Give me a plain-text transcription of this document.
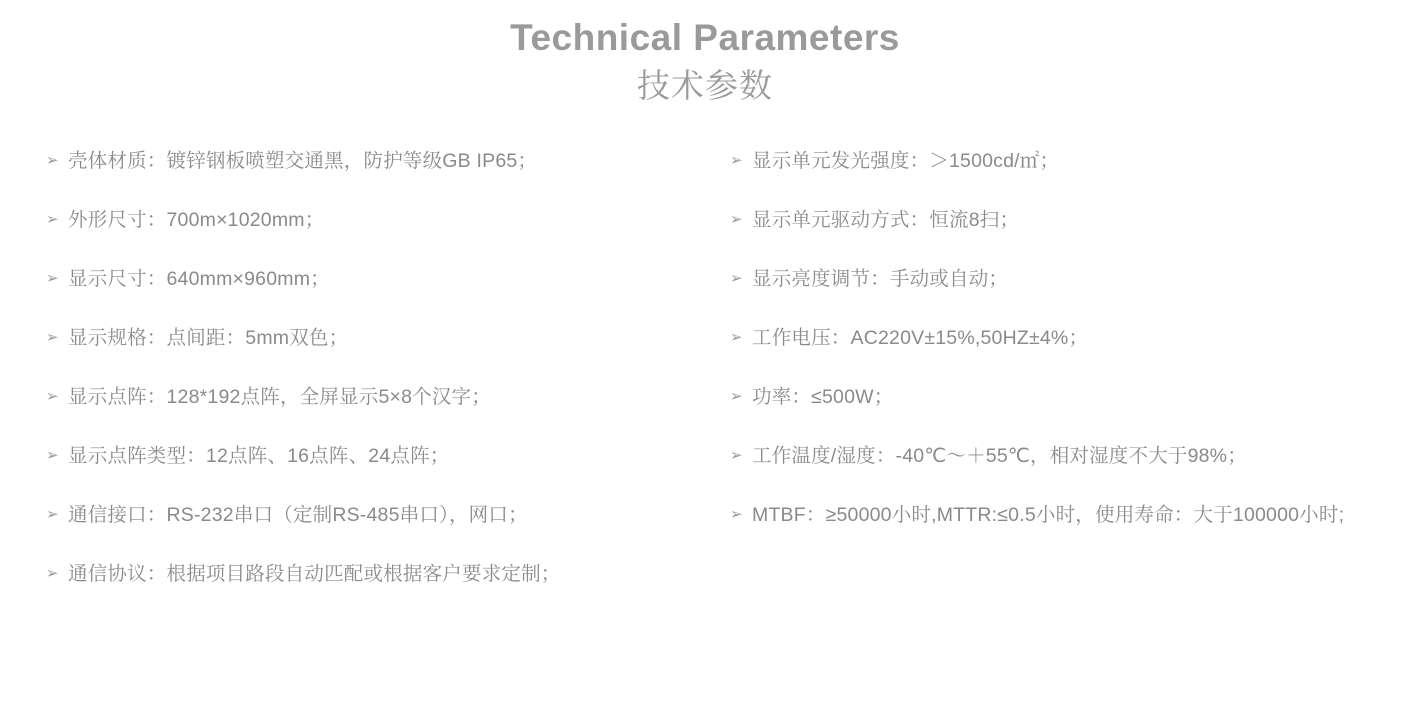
Technical Parameters
技术参数
➢ 壳体材质：镀锌钢板喷塑交通黑，防护等级GB IP65；
➢ 外形尺寸：700m×1020mm；
➢ 显示尺寸：640mm×960mm；
➢ 显示规格：点间距：5mm双色；
➢ 显示点阵：128*192点阵，全屏显示5×8个汉字；
➢ 显示点阵类型：12点阵、16点阵、24点阵；
➢ 通信接口：RS-232串口（定制RS-485串口），网口；
➢ 通信协议：根据项目路段自动匹配或根据客户要求定制；
➢ 显示单元发光强度：＞1500cd/㎡；
➢ 显示单元驱动方式：恒流8扫；
➢ 显示亮度调节：手动或自动；
➢ 工作电压：AC220V±15%,50HZ±4%；
➢ 功率：≤500W；
➢ 工作温度/湿度：-40℃～＋55℃，相对湿度不大于98%；
➢ MTBF：≥50000小时,MTTR:≤0.5小时，使用寿命：大于100000小时;
